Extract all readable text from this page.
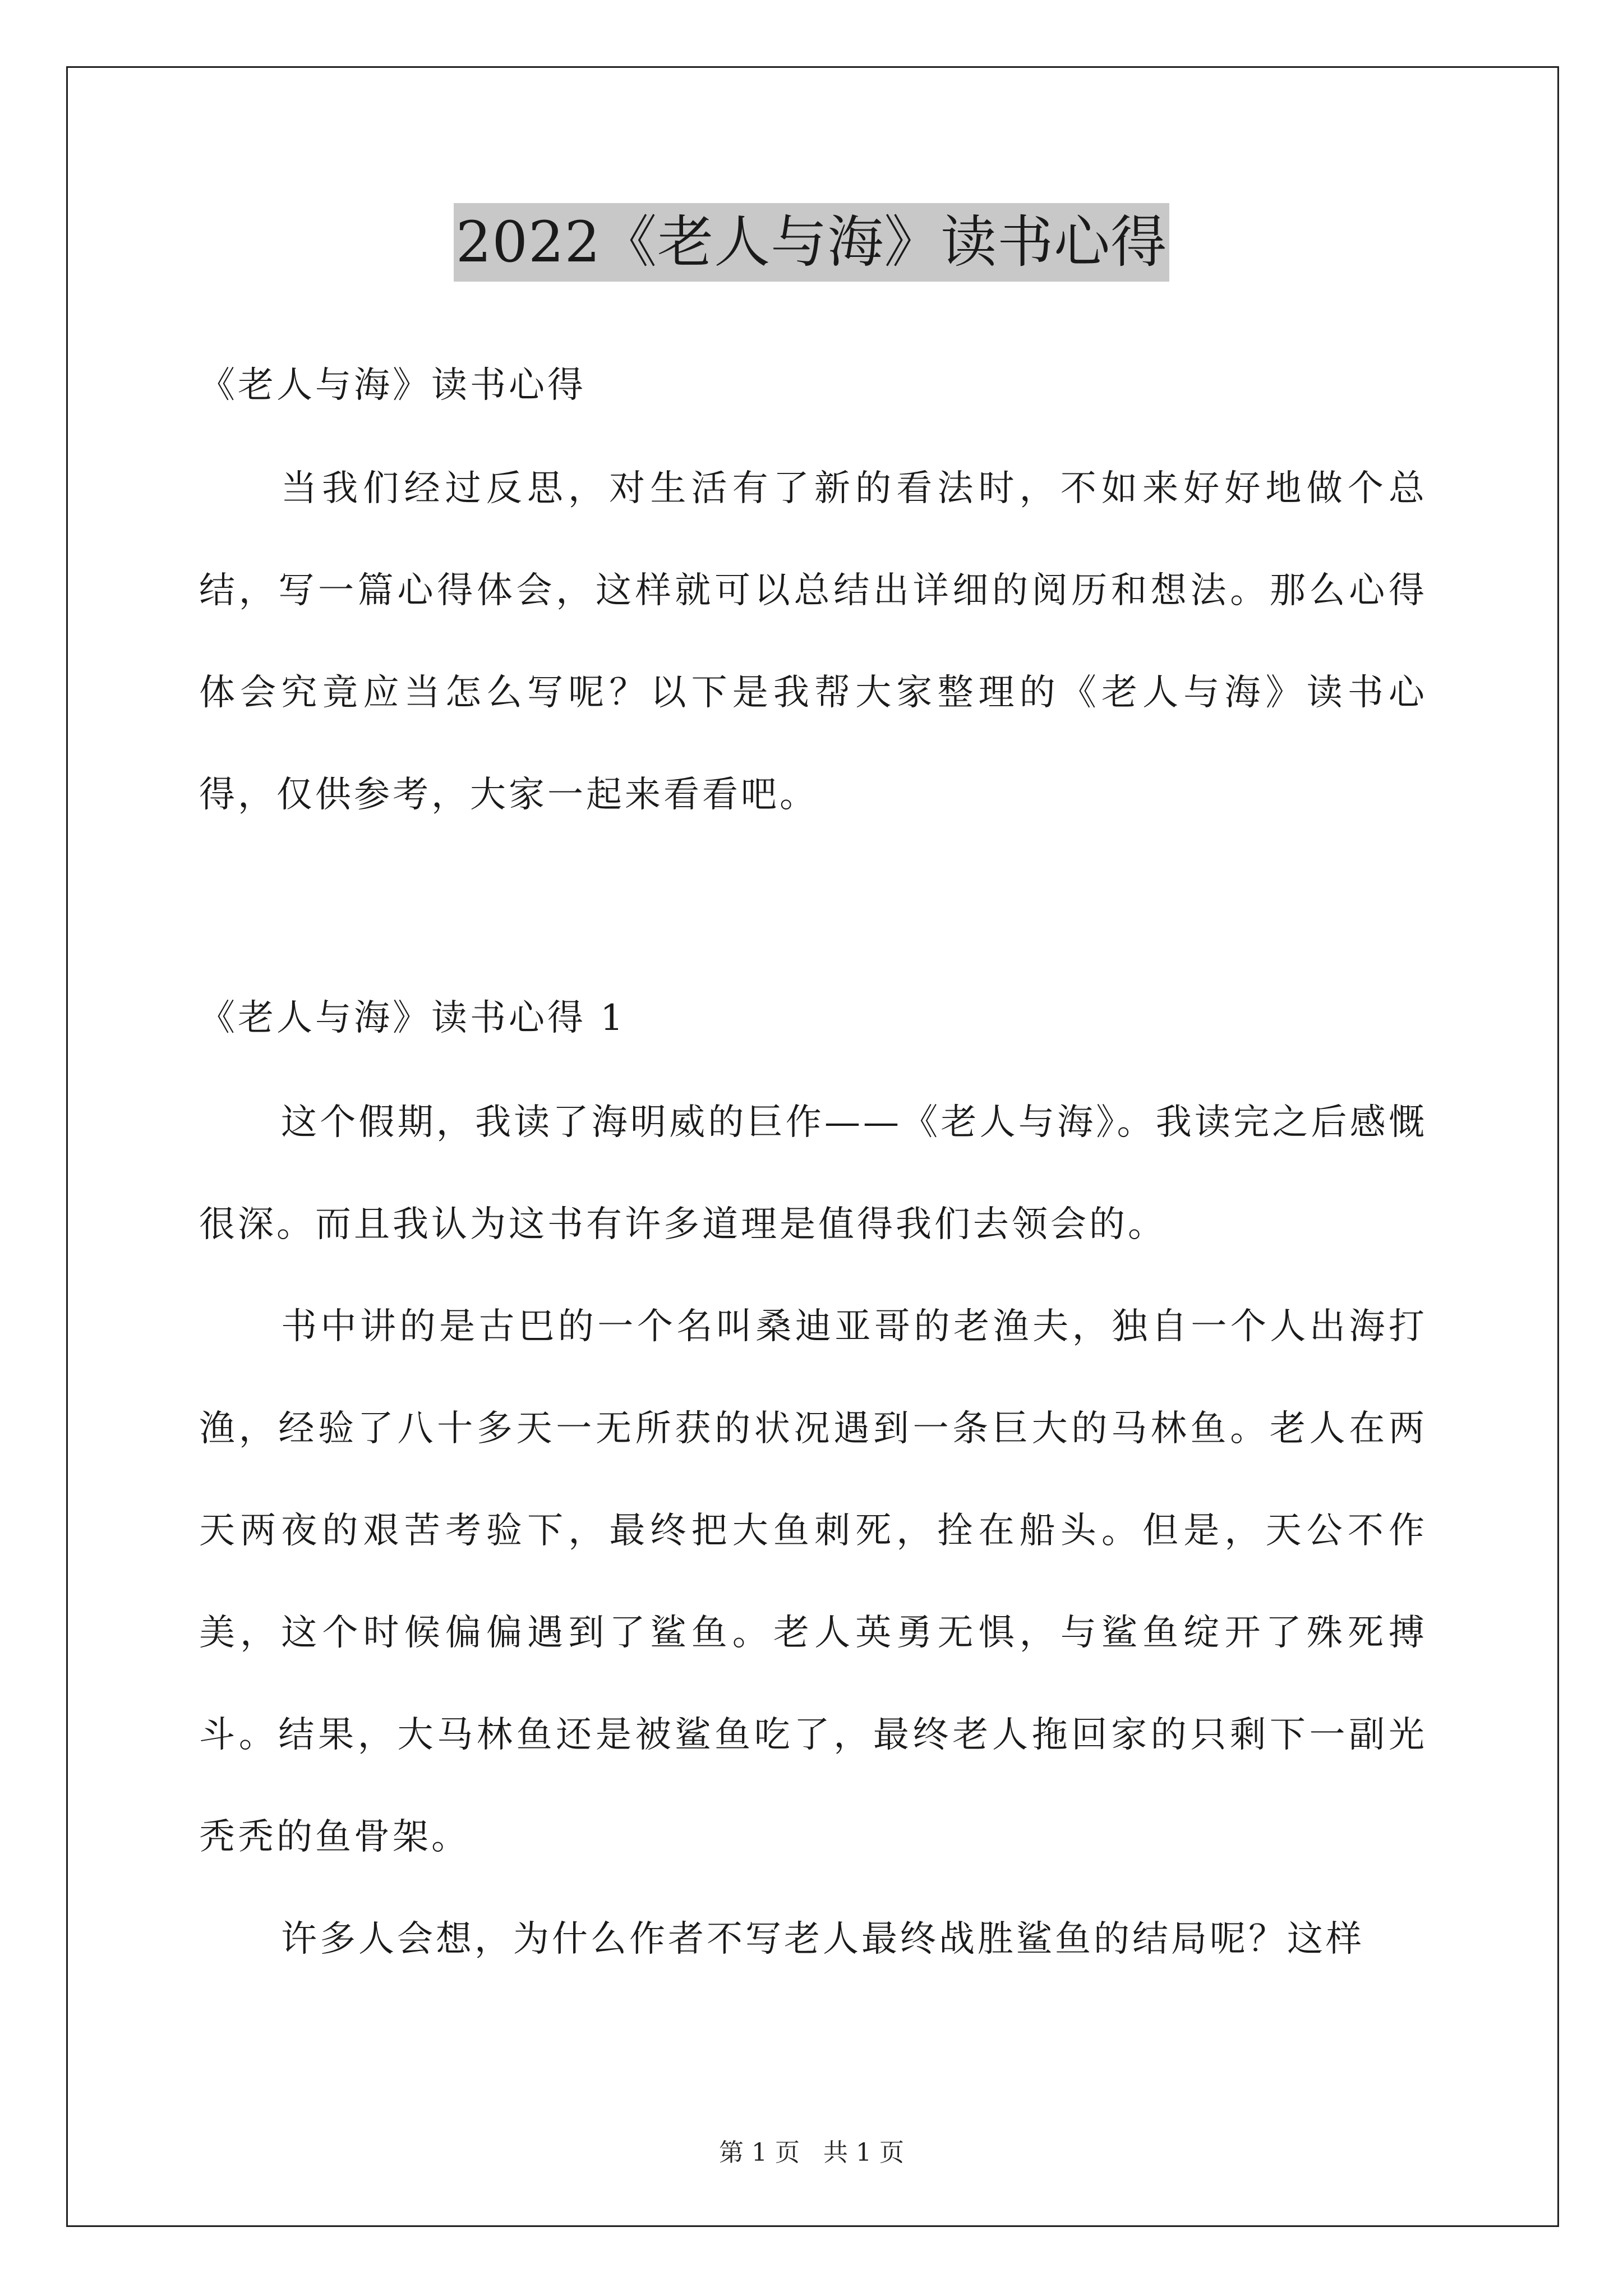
2022《老人与海》读书心得
《老人与海》读书心得

当我们经过反思，对生活有了新的看法时，不如来好好地做个总结，写一篇心得体会，这样就可以总结出详细的阅历和想法。那么心得体会究竟应当怎么写呢？以下是我帮大家整理的《老人与海》读书心得，仅供参考，大家一起来看看吧。

《老人与海》读书心得 1

这个假期，我读了海明威的巨作——《老人与海》。我读完之后感慨很深。而且我认为这书有许多道理是值得我们去领会的。

书中讲的是古巴的一个名叫桑迪亚哥的老渔夫，独自一个人出海打渔，经验了八十多天一无所获的状况遇到一条巨大的马林鱼。老人在两天两夜的艰苦考验下，最终把大鱼刺死，拴在船头。但是，天公不作美，这个时候偏偏遇到了鲨鱼。老人英勇无惧，与鲨鱼绽开了殊死搏斗。结果，大马林鱼还是被鲨鱼吃了，最终老人拖回家的只剩下一副光秃秃的鱼骨架。

许多人会想，为什么作者不写老人最终战胜鲨鱼的结局呢？这样

第 1 页   共 1 页
